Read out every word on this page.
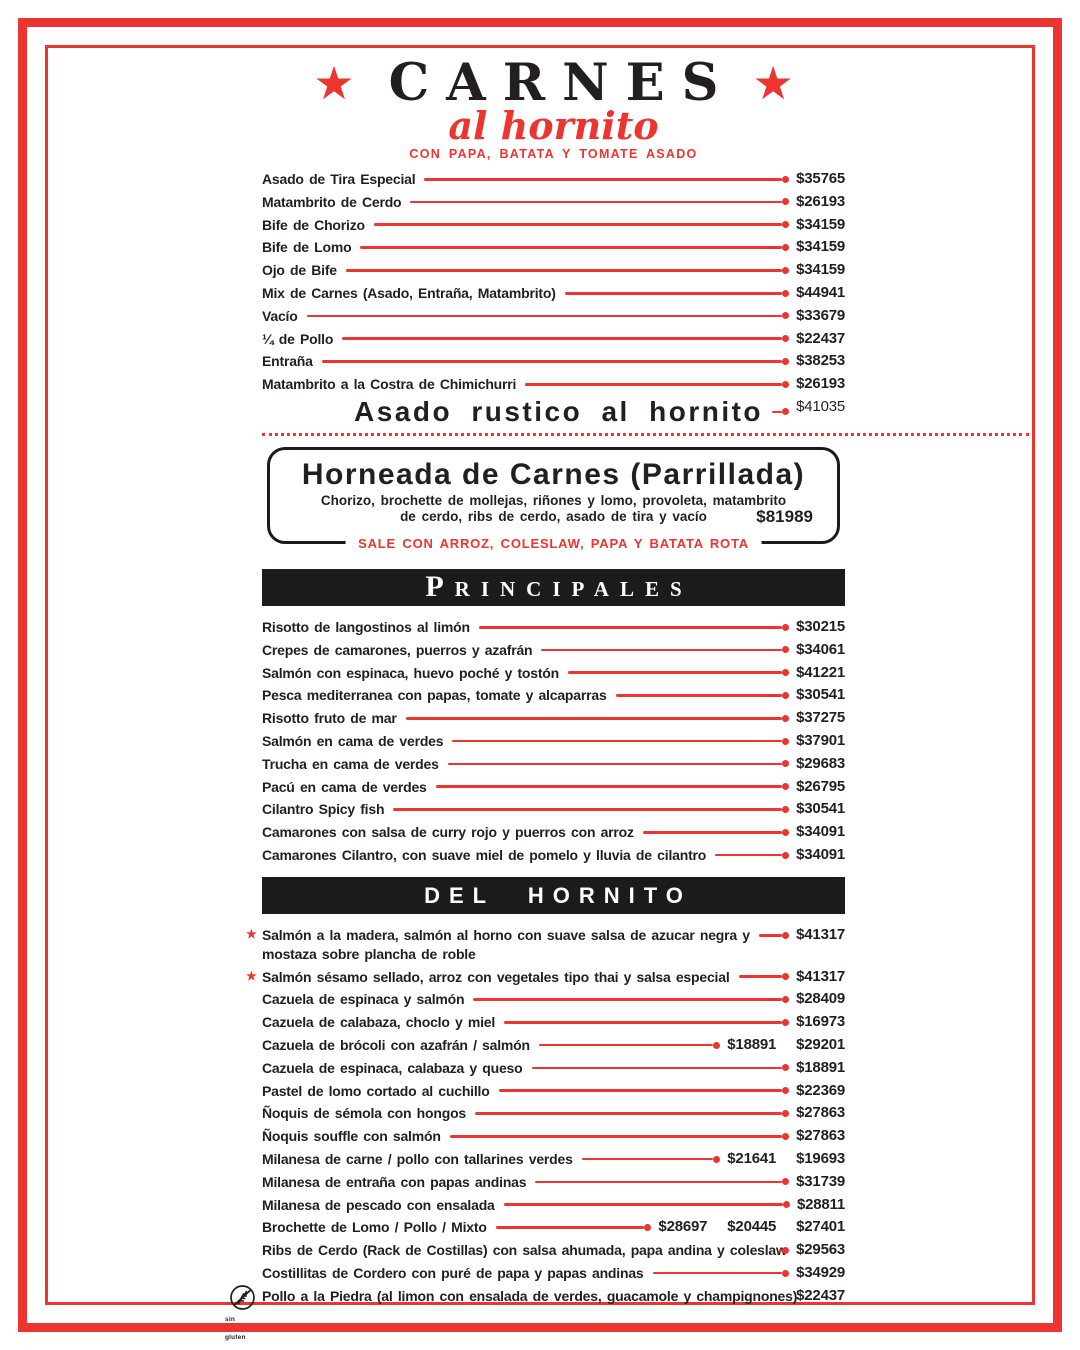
★ CARNES ★
al hornito
CON PAPA, BATATA Y TOMATE ASADO
Asado de Tira Especial	$35765
Matambrito de Cerdo	$26193
Bife de Chorizo	$34159
Bife de Lomo	$34159
Ojo de Bife	$34159
Mix de Carnes (Asado, Entraña, Matambrito)	$44941
Vacío	$33679
¼ de Pollo	$22437
Entraña	$38253
Matambrito a la Costra de Chimichurri	$26193
Asado rustico al hornito $41035
Horneada de Carnes (Parrillada)

Chorizo, brochette de mollejas, riñones y lomo, provoleta, matambrito
de cerdo, ribs de cerdo, asado de tira y vacío	$81989
SALE CON ARROZ, COLESLAW, PAPA Y BATATA ROTA
Principales
Risotto de langostinos al limón	$30215
Crepes de camarones, puerros y azafrán	$34061
Salmón con espinaca, huevo poché y tostón	$41221
Pesca mediterranea con papas, tomate y alcaparras	$30541
Risotto fruto de mar	$37275
Salmón en cama de verdes	$37901
Trucha en cama de verdes	$29683
Pacú en cama de verdes	$26795
Cilantro Spicy fish	$30541
Camarones con salsa de curry rojo y puerros con arroz	$34091
Camarones Cilantro, con suave miel de pomelo y lluvia de cilantro	$34091
DEL HORNITO
★ Salmón a la madera, salmón al horno con suave salsa de azucar negra y
mostaza sobre plancha de roble
$41317
★ Salmón sésamo sellado, arroz con vegetales tipo thai y salsa especial	$41317
Cazuela de espinaca y salmón	$28409
Cazuela de calabaza, choclo y miel	$16973
Cazuela de brócoli con azafrán / salmón	$18891 $29201
Cazuela de espinaca, calabaza y queso	$18891
Pastel de lomo cortado al cuchillo	$22369
Ñoquis de sémola con hongos	$27863
Ñoquis souffle con salmón	$27863
Milanesa de carne / pollo con tallarines verdes	$21641 $19693
Milanesa de entraña con papas andinas	$31739
Milanesa de pescado con ensalada	$28811
Brochette de Lomo / Pollo / Mixto	$28697 $20445 $27401
Ribs de Cerdo (Rack de Costillas) con salsa ahumada, papa andina y coleslaw $29563
Costillitas de Cordero con puré de papa y papas andinas	$34929
sin gluten
Pollo a la Piedra (al limon con ensalada de verdes, guacamole y champignones)
$22437
